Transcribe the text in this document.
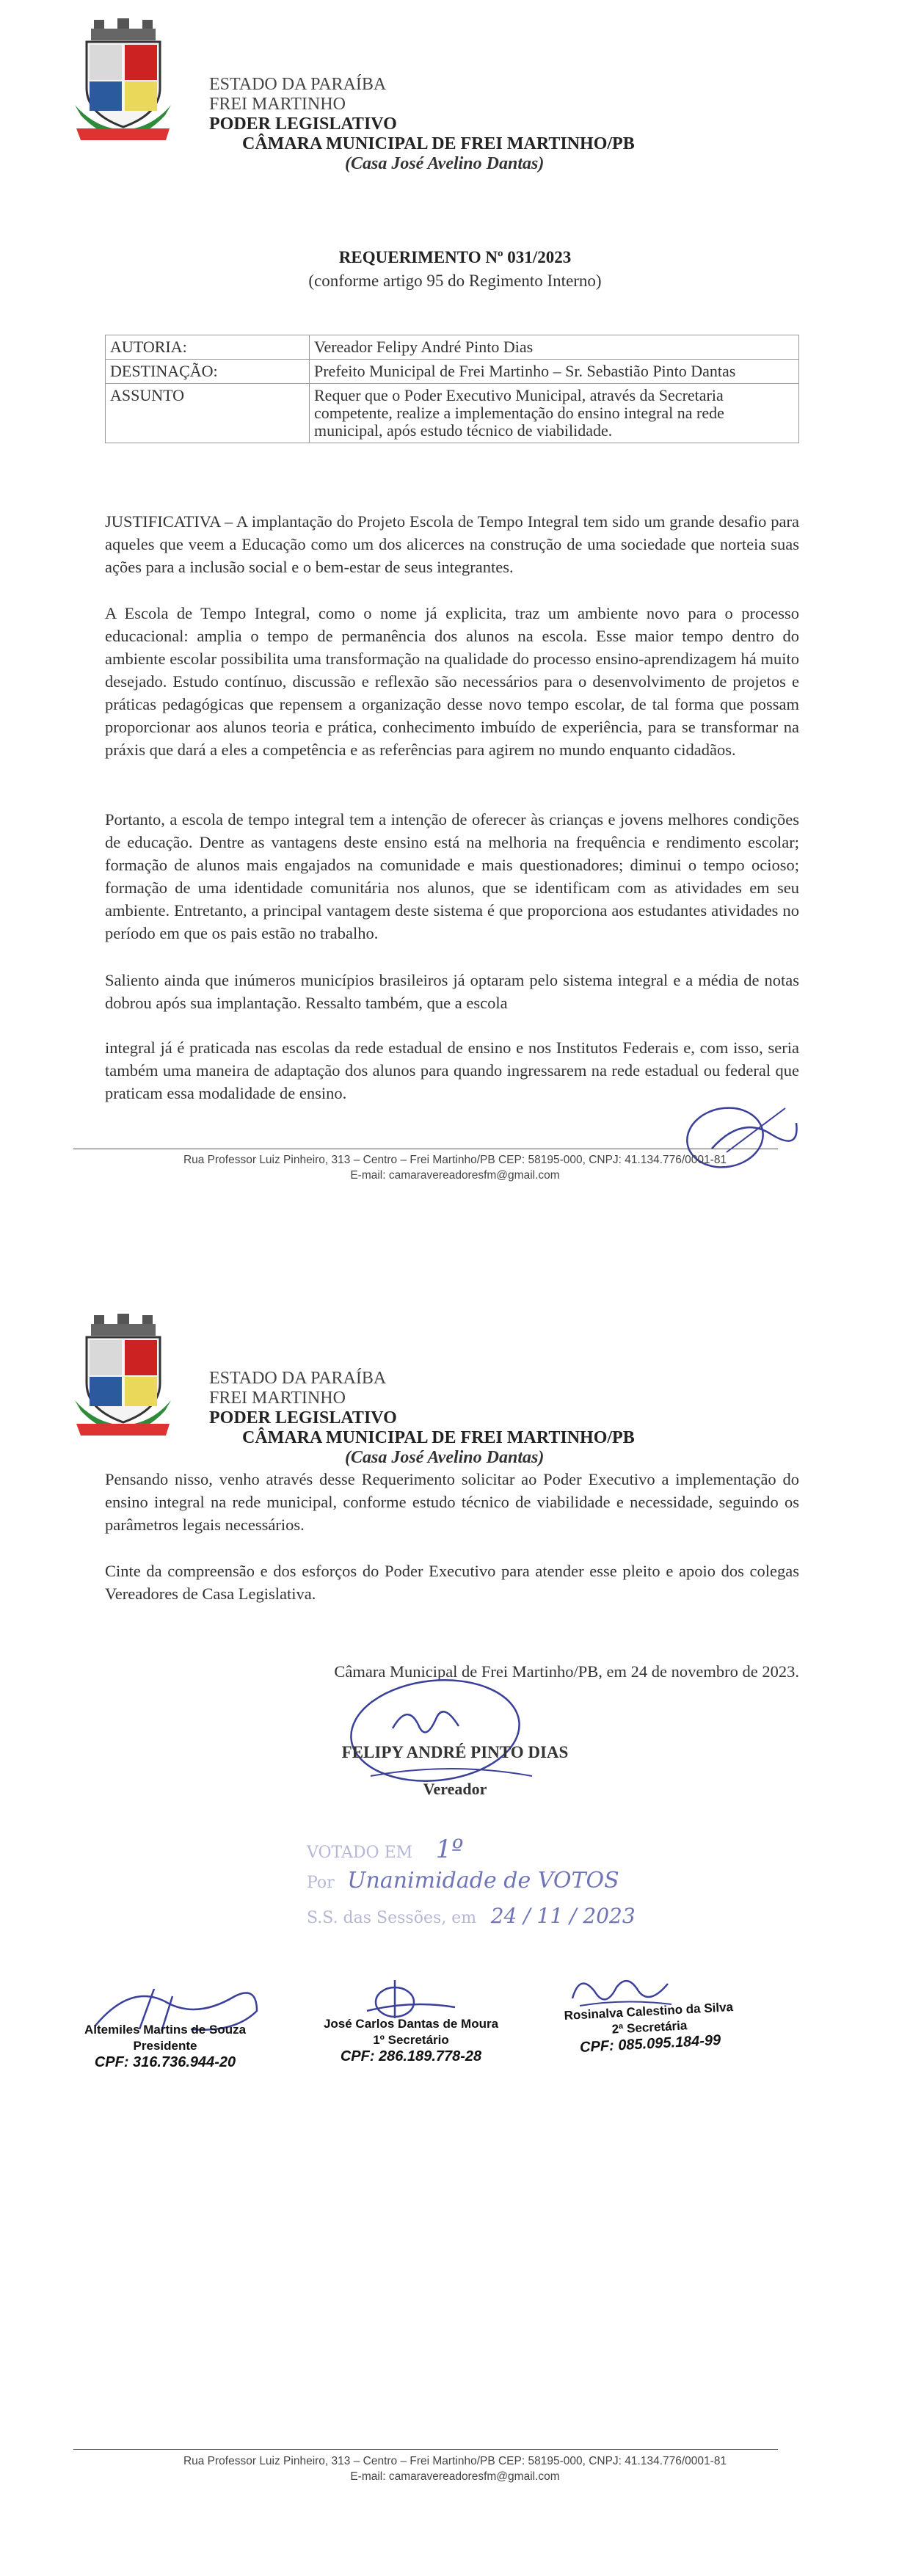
ESTADO DA PARAÍBA
FREI MARTINHO
PODER LEGISLATIVO
CÂMARA MUNICIPAL DE FREI MARTINHO/PB
(Casa José Avelino Dantas)
REQUERIMENTO Nº 031/2023
(conforme artigo 95 do Regimento Interno)
AUTORIA:	Vereador Felipy André Pinto Dias
DESTINAÇÃO:	Prefeito Municipal de Frei Martinho – Sr. Sebastião Pinto Dantas
ASSUNTO	Requer que o Poder Executivo Municipal, através da Secretaria competente, realize a implementação do ensino integral na rede municipal, após estudo técnico de viabilidade.

JUSTIFICATIVA – A implantação do Projeto Escola de Tempo Integral tem sido um grande desafio para aqueles que veem a Educação como um dos alicerces na construção de uma sociedade que norteia suas ações para a inclusão social e o bem-estar de seus integrantes.

A Escola de Tempo Integral, como o nome já explicita, traz um ambiente novo para o processo educacional: amplia o tempo de permanência dos alunos na escola. Esse maior tempo dentro do ambiente escolar possibilita uma transformação na qualidade do processo ensino-aprendizagem há muito desejado. Estudo contínuo, discussão e reflexão são necessários para o desenvolvimento de projetos e práticas pedagógicas que repensem a organização desse novo tempo escolar, de tal forma que possam proporcionar aos alunos teoria e prática, conhecimento imbuído de experiência, para se transformar na práxis que dará a eles a competência e as referências para agirem no mundo enquanto cidadãos.

Portanto, a escola de tempo integral tem a intenção de oferecer às crianças e jovens melhores condições de educação. Dentre as vantagens deste ensino está na melhoria na frequência e rendimento escolar; formação de alunos mais engajados na comunidade e mais questionadores; diminui o tempo ocioso; formação de uma identidade comunitária nos alunos, que se identificam com as atividades em seu ambiente. Entretanto, a principal vantagem deste sistema é que proporciona aos estudantes atividades no período em que os pais estão no trabalho.

Saliento ainda que inúmeros municípios brasileiros já optaram pelo sistema integral e a média de notas dobrou após sua implantação. Ressalto também, que a escola

integral já é praticada nas escolas da rede estadual de ensino e nos Institutos Federais e, com isso, seria também uma maneira de adaptação dos alunos para quando ingressarem na rede estadual ou federal que praticam essa modalidade de ensino.

Rua Professor Luiz Pinheiro, 313 – Centro – Frei Martinho/PB CEP: 58195-000, CNPJ: 41.134.776/0001-81
E-mail: camaravereadoresfm@gmail.com
ESTADO DA PARAÍBA
FREI MARTINHO
PODER LEGISLATIVO
CÂMARA MUNICIPAL DE FREI MARTINHO/PB
(Casa José Avelino Dantas)

Pensando nisso, venho através desse Requerimento solicitar ao Poder Executivo a implementação do ensino integral na rede municipal, conforme estudo técnico de viabilidade e necessidade, seguindo os parâmetros legais necessários.

Cinte da compreensão e dos esforços do Poder Executivo para atender esse pleito e apoio dos colegas Vereadores de Casa Legislativa.

Câmara Municipal de Frei Martinho/PB, em 24 de novembro de 2023.
FELIPY ANDRÉ PINTO DIAS
Vereador
VOTADO EM 1º
Por Unanimidade de VOTOS
S.S. das Sessões, em 24 / 11 / 2023
Altemiles Martins de Souza
Presidente
CPF: 316.736.944-20
José Carlos Dantas de Moura
1º Secretário
CPF: 286.189.778-28
Rosinalva Calestino da Silva
2ª Secretária
CPF: 085.095.184-99
Rua Professor Luiz Pinheiro, 313 – Centro – Frei Martinho/PB CEP: 58195-000, CNPJ: 41.134.776/0001-81
E-mail: camaravereadoresfm@gmail.com
